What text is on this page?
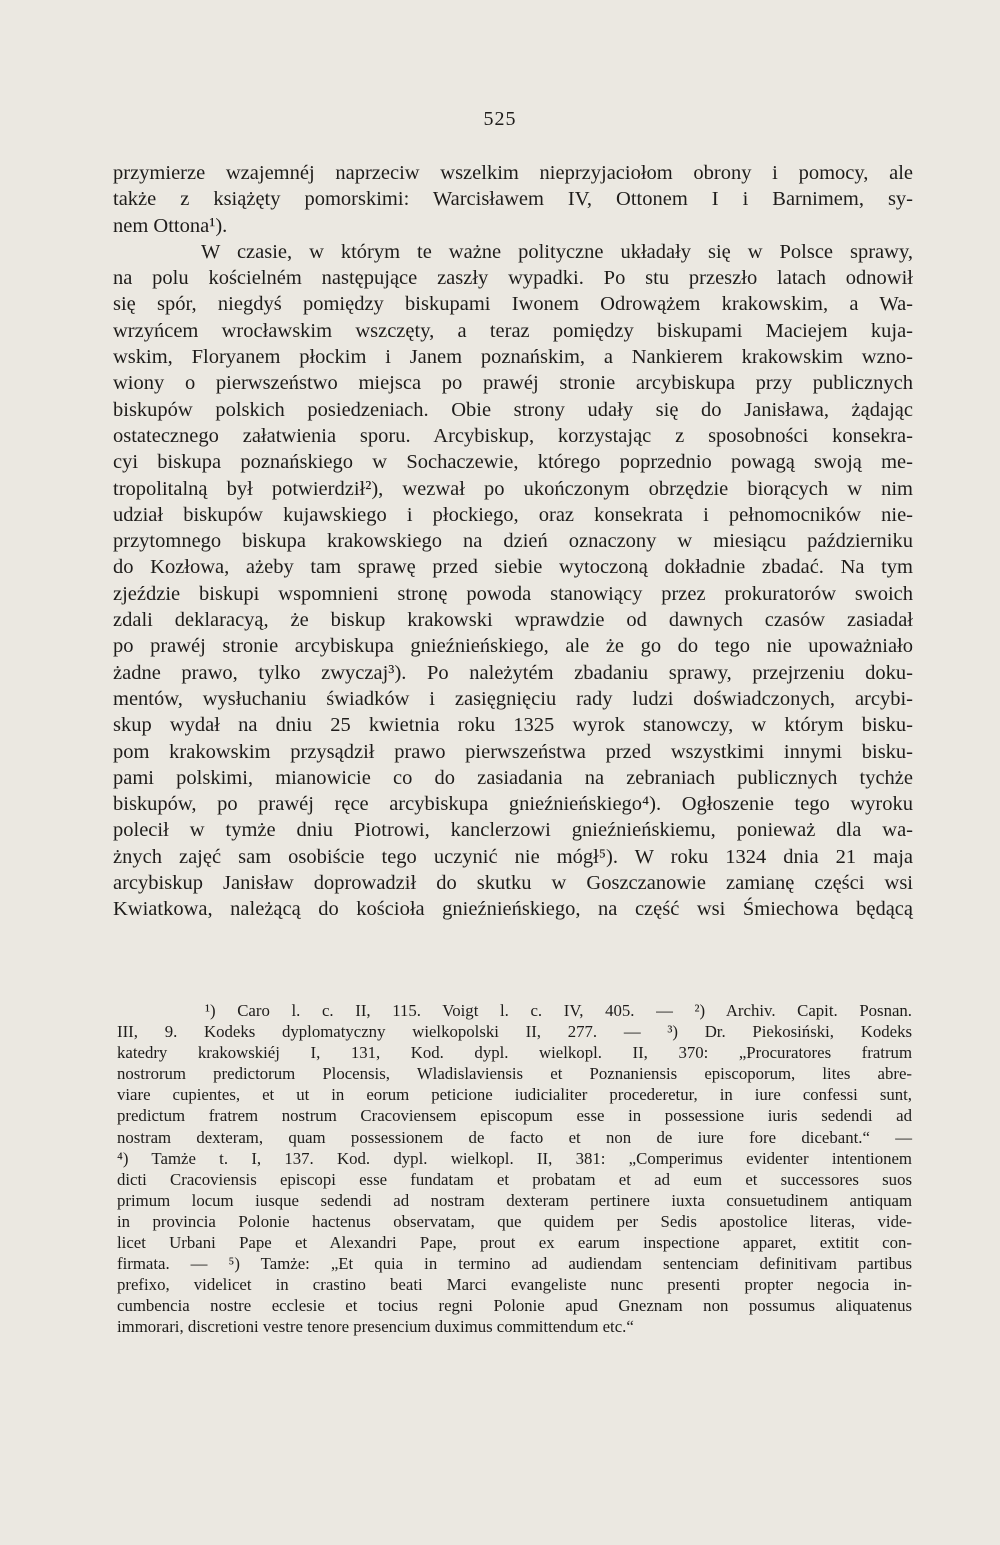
525
przymierze wzajemnéj naprzeciw wszelkim nieprzyjaciołom obrony i pomocy, ale
także z książęty pomorskimi: Warcisławem IV, Ottonem I i Barnimem, sy-
nem Ottona¹).
W czasie, w którym te ważne polityczne układały się w Polsce sprawy,
na polu kościelném następujące zaszły wypadki. Po stu przeszło latach odnowił
się spór, niegdyś pomiędzy biskupami Iwonem Odrowążem krakowskim, a Wa-
wrzyńcem wrocławskim wszczęty, a teraz pomiędzy biskupami Maciejem kuja-
wskim, Floryanem płockim i Janem poznańskim, a Nankierem krakowskim wzno-
wiony o pierwszeństwo miejsca po prawéj stronie arcybiskupa przy publicznych
biskupów polskich posiedzeniach. Obie strony udały się do Janisława, żądając
ostatecznego załatwienia sporu. Arcybiskup, korzystając z sposobności konsekra-
cyi biskupa poznańskiego w Sochaczewie, którego poprzednio powagą swoją me-
tropolitalną był potwierdził²), wezwał po ukończonym obrzędzie biorących w nim
udział biskupów kujawskiego i płockiego, oraz konsekrata i pełnomocników nie-
przytomnego biskupa krakowskiego na dzień oznaczony w miesiącu październiku
do Kozłowa, ażeby tam sprawę przed siebie wytoczoną dokładnie zbadać. Na tym
zjeździe biskupi wspomnieni stronę powoda stanowiący przez prokuratorów swoich
zdali deklaracyą, że biskup krakowski wprawdzie od dawnych czasów zasiadał
po prawéj stronie arcybiskupa gnieźnieńskiego, ale że go do tego nie upoważniało
żadne prawo, tylko zwyczaj³). Po należytém zbadaniu sprawy, przejrzeniu doku-
mentów, wysłuchaniu świadków i zasięgnięciu rady ludzi doświadczonych, arcybi-
skup wydał na dniu 25 kwietnia roku 1325 wyrok stanowczy, w którym bisku-
pom krakowskim przysądził prawo pierwszeństwa przed wszystkimi innymi bisku-
pami polskimi, mianowicie co do zasiadania na zebraniach publicznych tychże
biskupów, po prawéj ręce arcybiskupa gnieźnieńskiego⁴). Ogłoszenie tego wyroku
polecił w tymże dniu Piotrowi, kanclerzowi gnieźnieńskiemu, ponieważ dla wa-
żnych zajęć sam osobiście tego uczynić nie mógł⁵). W roku 1324 dnia 21 maja
arcybiskup Janisław doprowadził do skutku w Goszczanowie zamianę części wsi
Kwiatkowa, należącą do kościoła gnieźnieńskiego, na część wsi Śmiechowa będącą
¹) Caro l. c. II, 115. Voigt l. c. IV, 405. — ²) Archiv. Capit. Posnan.
III, 9. Kodeks dyplomatyczny wielkopolski II, 277. — ³) Dr. Piekosiński, Kodeks
katedry krakowskiéj I, 131, Kod. dypl. wielkopl. II, 370: „Procuratores fratrum
nostrorum predictorum Plocensis, Wladislaviensis et Poznaniensis episcoporum, lites abre-
viare cupientes, et ut in eorum peticione iudicialiter procederetur, in iure confessi sunt,
predictum fratrem nostrum Cracoviensem episcopum esse in possessione iuris sedendi ad
nostram dexteram, quam possessionem de facto et non de iure fore dicebant.“ —
⁴) Tamże t. I, 137. Kod. dypl. wielkopl. II, 381: „Comperimus evidenter intentionem
dicti Cracoviensis episcopi esse fundatam et probatam et ad eum et successores suos
primum locum iusque sedendi ad nostram dexteram pertinere iuxta consuetudinem antiquam
in provincia Polonie hactenus observatam, que quidem per Sedis apostolice literas, vide-
licet Urbani Pape et Alexandri Pape, prout ex earum inspectione apparet, extitit con-
firmata. — ⁵) Tamże: „Et quia in termino ad audiendam sentenciam definitivam partibus
prefixo, videlicet in crastino beati Marci evangeliste nunc presenti propter negocia in-
cumbencia nostre ecclesie et tocius regni Polonie apud Gneznam non possumus aliquatenus
immorari, discretioni vestre tenore presencium duximus committendum etc.“
